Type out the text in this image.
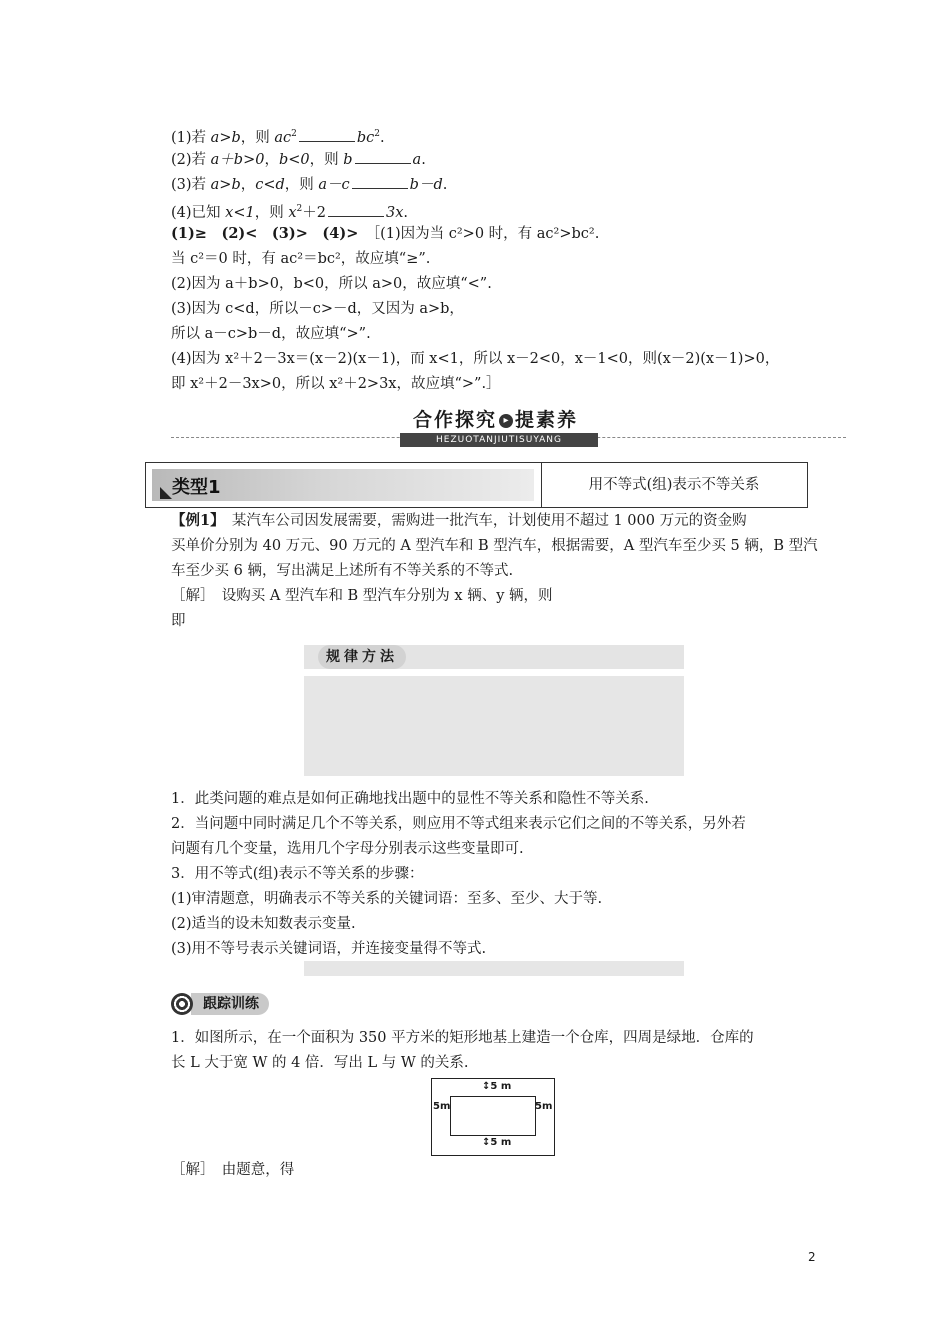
(1)若 a>b，则 $ac^2$	$bc^2$.
(2)若 a＋b>0，b<0，则 b	a.
(3)若 a>b，c<d，则 a－c	b－d.
(4)已知 x<1，则 $x^2+2$	3x.
(1)≥　(2)<　(3)>　(4)>　 ［(1)因为当 c²>0 时，有 ac²>bc².
当 c²＝0 时，有 ac²＝bc²，故应填“≥”.
(2)因为 a＋b>0，b<0，所以 a>0，故应填“<”.
(3)因为 c<d，所以－c>－d，又因为 a>b，
所以 a－c>b－d，故应填“>”.
(4)因为 x²＋2－3x＝(x－2)(x－1)，而 x<1，所以 x－2<0，x－1<0，则(x－2)(x－1)>0，
即 x²＋2－3x>0，所以 x²＋2>3x，故应填“>”.］
合作探究 ▸ 提素养
HEZUOTANJIUTISUYANG
类型1	用不等式(组)表示不等关系
【例1】　某汽车公司因发展需要，需购进一批汽车，计划使用不超过 1 000 万元的资金购
买单价分别为 40 万元、90 万元的 A 型汽车和 B 型汽车，根据需要，A 型汽车至少买 5 辆，B 型汽
车至少买 6 辆，写出满足上述所有不等关系的不等式.
［解］　设购买 A 型汽车和 B 型汽车分别为 x 辆、y 辆，则
即
规律方法
1．此类问题的难点是如何正确地找出题中的显性不等关系和隐性不等关系.
2．当问题中同时满足几个不等关系，则应用不等式组来表示它们之间的不等关系，另外若
问题有几个变量，选用几个字母分别表示这些变量即可.
3．用不等式(组)表示不等关系的步骤：
(1)审清题意，明确表示不等关系的关键词语：至多、至少、大于等.
(2)适当的设未知数表示变量.
(3)用不等号表示关键词语，并连接变量得不等式.
跟踪训练
1．如图所示，在一个面积为 350 平方米的矩形地基上建造一个仓库，四周是绿地．仓库的
长 L 大于宽 W 的 4 倍．写出 L 与 W 的关系.
↕5 m
↕5 m
5m	5m
［解］　由题意，得
2
